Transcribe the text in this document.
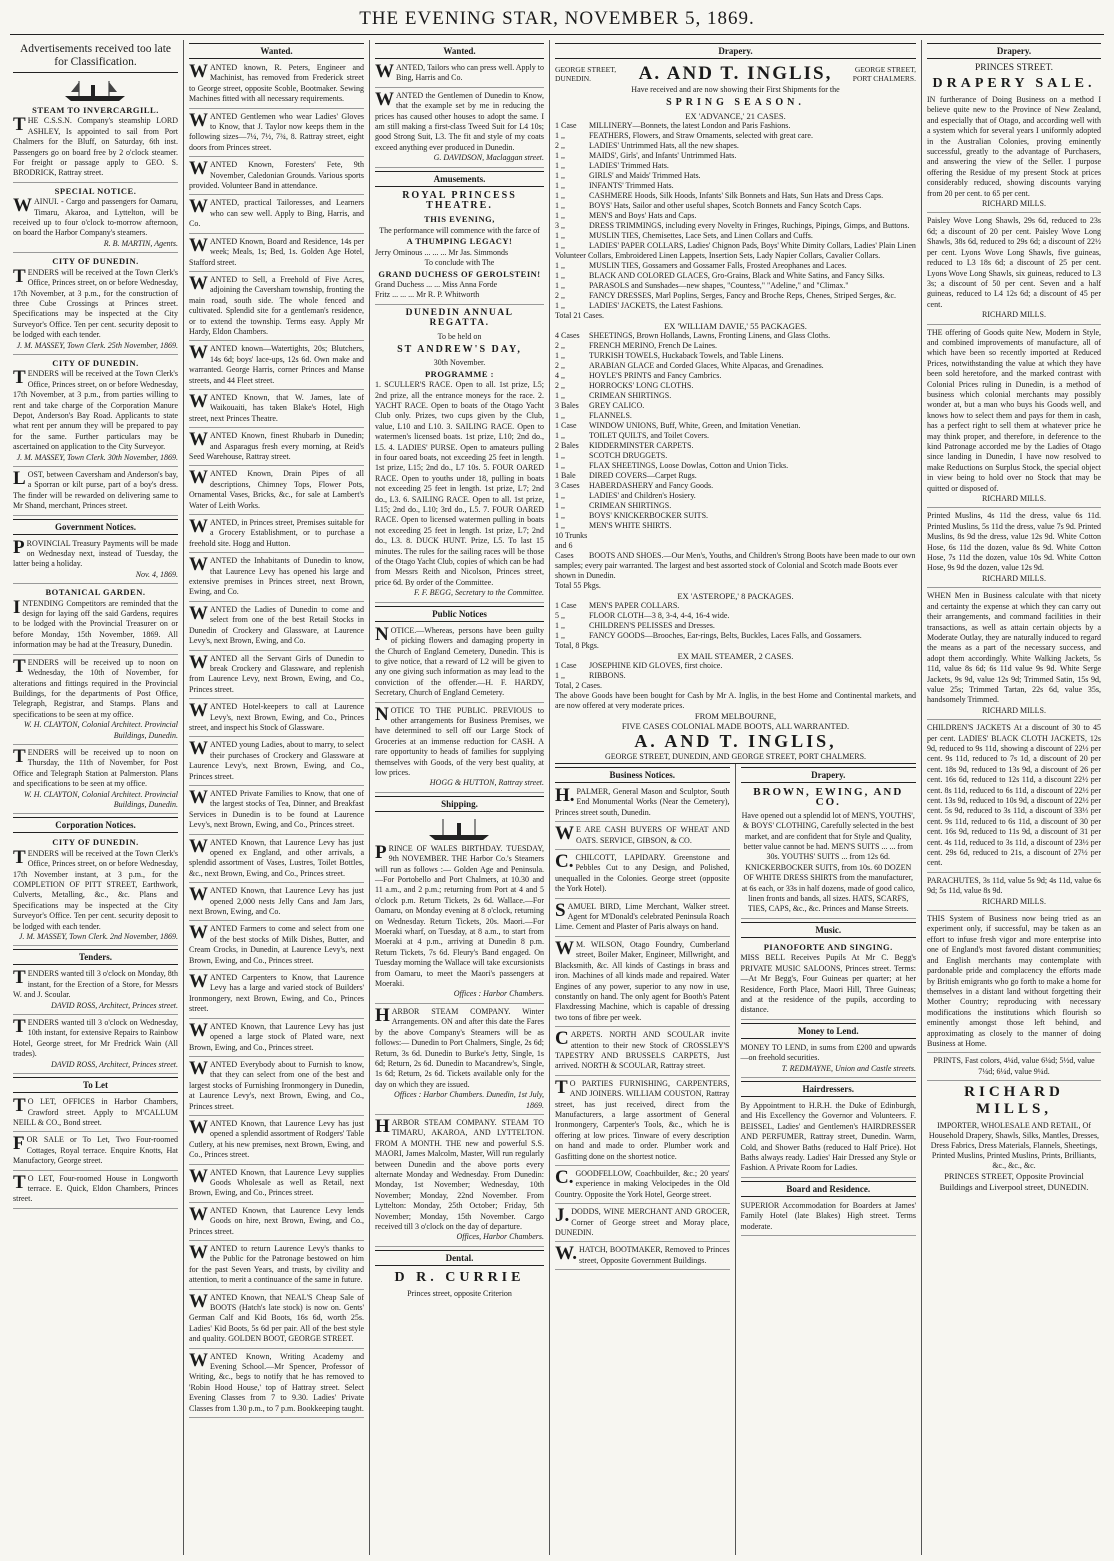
THE EVENING STAR, NOVEMBER 5, 1869.
Advertisements received too late for Classification.
STEAM TO INVERCARGILL.
THE C.S.S.N. Company's steamship LORD ASHLEY, Is appointed to sail from Port Chalmers for the Bluff, on Saturday, 6th inst. Passengers go on board free by 2 o'clock steamer. For freight or passage apply to GEO. S. BRODRICK, Rattray street.
SPECIAL NOTICE.
WAINUI. - Cargo and passengers for Oamaru, Timaru, Akaroa, and Lyttelton, will be received up to four o'clock to-morrow afternoon, on board the Harbor Company's steamers.
R. B. MARTIN, Agents.
CITY OF DUNEDIN.
TENDERS will be received at the Town Clerk's Office, Princes street, on or before Wednesday, 17th November, at 3 p.m., for the construction of three Cube Crossings at Princes street. Specifications may be inspected at the City Surveyor's Office. Ten per cent. security deposit to be lodged with each tender.
J. M. MASSEY, Town Clerk. 25th November, 1869.
CITY OF DUNEDIN.
TENDERS will be received at the Town Clerk's Office, Princes street, on or before Wednesday, 17th November, at 3 p.m., from parties willing to rent and take charge of the Corporation Manure Depot, Anderson's Bay Road. Applicants to state what rent per annum they will be prepared to pay for the same. Further particulars may be ascertained on application to the City Surveyor.
J. M. MASSEY, Town Clerk. 30th November, 1869.
LOST, between Caversham and Anderson's bay, a Sporran or kilt purse, part of a boy's dress. The finder will be rewarded on delivering same to Mr Shand, merchant, Princes street.
Government Notices.
PROVINCIAL Treasury Payments will be made on Wednesday next, instead of Tuesday, the latter being a holiday.
Nov. 4, 1869.
BOTANICAL GARDEN.
INTENDING Competitors are reminded that the design for laying off the said Gardens, requires to be lodged with the Provincial Treasurer on or before Monday, 15th November, 1869. All information may be had at the Treasury, Dunedin.
TENDERS will be received up to noon on Wednesday, the 10th of November, for alterations and fittings required in the Provincial Buildings, for the departments of Post Office, Telegraph, Registrar, and Stamps. Plans and specifications to be seen at my office.
W. H. CLAYTON, Colonial Architect. Provincial Buildings, Dunedin.
TENDERS will be received up to noon on Thursday, the 11th of November, for Post Office and Telegraph Station at Palmerston. Plans and specifications to be seen at my office.
W. H. CLAYTON, Colonial Architect. Provincial Buildings, Dunedin.
Corporation Notices.
CITY OF DUNEDIN.
TENDERS will be received at the Town Clerk's Office, Princes street, on or before Wednesday, 17th November instant, at 3 p.m., for the COMPLETION OF PITT STREET, Earthwork, Culverts, Metalling, &c., &c. Plans and Specifications may be inspected at the City Surveyor's Office. Ten per cent. security deposit to be lodged with each tender.
J. M. MASSEY, Town Clerk. 2nd November, 1869.
Tenders.
TENDERS wanted till 3 o'clock on Monday, 8th instant, for the Erection of a Store, for Messrs W. and J. Scoular.
DAVID ROSS, Architect, Princes street.
TENDERS wanted till 3 o'clock on Wednesday, 10th instant, for extensive Repairs to Rainbow Hotel, George street, for Mr Fredrick Wain (All trades).
DAVID ROSS, Architect, Princes street.
To Let
TO LET, OFFICES in Harbor Chambers, Crawford street. Apply to M'CALLUM NEILL & CO., Bond street.
FOR SALE or To Let, Two Four-roomed Cottages, Royal terrace. Enquire Knotts, Hat Manufactory, George street.
TO LET, Four-roomed House in Longworth terrace. E. Quick, Eldon Chambers, Princes street.
Wanted.
WANTED known, R. Peters, Engineer and Machinist, has removed from Frederick street to George street, opposite Scoble, Bootmaker. Sewing Machines fitted with all necessary requirements.
WANTED Gentlemen who wear Ladies' Gloves to Know, that J. Taylor now keeps them in the following sizes—7¼, 7½, 7¾, 8. Rattray street, eight doors from Princes street.
WANTED Known, Foresters' Fete, 9th November, Caledonian Grounds. Various sports provided. Volunteer Band in attendance.
WANTED, practical Tailoresses, and Learners who can sew well. Apply to Bing, Harris, and Co.
WANTED Known, Board and Residence, 14s per week; Meals, 1s; Bed, 1s. Golden Age Hotel, Stafford street.
WANTED to Sell, a Freehold of Five Acres, adjoining the Caversham township, fronting the main road, south side. The whole fenced and cultivated. Splendid site for a gentleman's residence, or to extend the township. Terms easy. Apply Mr Hardy, Eldon Chambers.
WANTED known—Watertights, 20s; Blutchers, 14s 6d; boys' lace-ups, 12s 6d. Own make and warranted. George Harris, corner Princes and Manse streets, and 44 Fleet street.
WANTED Known, that W. James, late of Waikouaiti, has taken Blake's Hotel, High street, next Princes Theatre.
WANTED Known, finest Rhubarb in Dunedin; and Asparagus fresh every morning, at Reid's Seed Warehouse, Rattray street.
WANTED Known, Drain Pipes of all descriptions, Chimney Tops, Flower Pots, Ornamental Vases, Bricks, &c., for sale at Lambert's Water of Leith Works.
WANTED, in Princes street, Premises suitable for a Grocery Establishment, or to purchase a freehold site. Hogg and Hutton.
WANTED the Inhabitants of Dunedin to know, that Laurence Levy has opened his large and extensive premises in Princes street, next Brown, Ewing, and Co.
WANTED the Ladies of Dunedin to come and select from one of the best Retail Stocks in Dunedin of Crockery and Glassware, at Laurence Levy's, next Brown, Ewing, and Co.
WANTED all the Servant Girls of Dunedin to break Crockery and Glassware, and replenish from Laurence Levy, next Brown, Ewing, and Co., Princes street.
WANTED Hotel-keepers to call at Laurence Levy's, next Brown, Ewing, and Co., Princes street, and inspect his Stock of Glassware.
WANTED young Ladies, about to marry, to select their purchases of Crockery and Glassware at Laurence Levy's, next Brown, Ewing, and Co., Princes street.
WANTED Private Families to Know, that one of the largest stocks of Tea, Dinner, and Breakfast Services in Dunedin is to be found at Laurence Levy's, next Brown, Ewing, and Co., Princes street.
WANTED Known, that Laurence Levy has just opened ex England, and other arrivals, a splendid assortment of Vases, Lustres, Toilet Bottles, &c., next Brown, Ewing, and Co., Princes street.
WANTED Known, that Laurence Levy has just opened 2,000 nests Jelly Cans and Jam Jars, next Brown, Ewing, and Co.
WANTED Farmers to come and select from one of the best stocks of Milk Dishes, Butter, and Cream Crocks, in Dunedin, at Laurence Levy's, next Brown, Ewing, and Co., Princes street.
WANTED Carpenters to Know, that Laurence Levy has a large and varied stock of Builders' Ironmongery, next Brown, Ewing, and Co., Princes street.
WANTED Known, that Laurence Levy has just opened a large stock of Plated ware, next Brown, Ewing, and Co., Princes street.
WANTED Everybody about to Furnish to know, that they can select from one of the best and largest stocks of Furnishing Ironmongery in Dunedin, at Laurence Levy's, next Brown, Ewing, and Co., Princes street.
WANTED Known, that Laurence Levy has just opened a splendid assortment of Rodgers' Table Cutlery, at his new premises, next Brown, Ewing, and Co., Princes street.
WANTED Known, that Laurence Levy supplies Goods Wholesale as well as Retail, next Brown, Ewing, and Co., Princes street.
WANTED Known, that Laurence Levy lends Goods on hire, next Brown, Ewing, and Co., Princes street.
WANTED to return Laurence Levy's thanks to the Public for the Patronage bestowed on him for the past Seven Years, and trusts, by civility and attention, to merit a continuance of the same in future.
WANTED Known, that NEAL'S Cheap Sale of BOOTS (Hatch's late stock) is now on. Gents' German Calf and Kid Boots, 16s 6d, worth 25s. Ladies' Kid Boots, 5s 6d per pair. All of the best style and quality. GOLDEN BOOT, GEORGE STREET.
WANTED Known, Writing Academy and Evening School.—Mr Spencer, Professor of Writing, &c., begs to notify that he has removed to 'Robin Hood House,' top of Hattray street. Select Evening Classes from 7 to 9.30. Ladies' Private Classes from 1.30 p.m., to 7 p.m. Bookkeeping taught.
Wanted.
WANTED, Tailors who can press well. Apply to Bing, Harris and Co.
WANTED the Gentlemen of Dunedin to Know, that the example set by me in reducing the prices has caused other houses to adopt the same. I am still making a first-class Tweed Suit for L4 10s; good Strong Suit, L3. The fit and style of my coats exceed anything ever produced in Dunedin.
G. DAVIDSON, Maclaggan street.
Amusements.
ROYAL PRINCESS THEATRE.
THIS EVENING,
The performance will commence with the farce of
A THUMPING LEGACY!
Jerry Ominous ... ... ... Mr Jas. Simmonds
To conclude with The
GRAND DUCHESS OF GEROLSTEIN!
Grand Duchess ... ... Miss Anna Forde
Fritz ... ... ... Mr R. P. Whitworth
DUNEDIN ANNUAL REGATTA.
To be held on
ST ANDREW'S DAY,
30th November.
PROGRAMME :
1. SCULLER'S RACE. Open to all. 1st prize, L5; 2nd prize, all the entrance moneys for the race. 2. YACHT RACE. Open to boats of the Otago Yacht Club only. Prizes, two cups given by the Club, value, L10 and L10. 3. SAILING RACE. Open to watermen's licensed boats. 1st prize, L10; 2nd do., L5. 4. LADIES' PURSE. Open to amateurs pulling in four oared boats, not exceeding 25 feet in length. 1st prize, L15; 2nd do., L7 10s. 5. FOUR OARED RACE. Open to youths under 18, pulling in boats not exceeding 25 feet in length. 1st prize, L7; 2nd do., L3. 6. SAILING RACE. Open to all. 1st prize, L15; 2nd do., L10; 3rd do., L5. 7. FOUR OARED RACE. Open to licensed watermen pulling in boats not exceeding 25 feet in length. 1st prize, L7; 2nd do., L3. 8. DUCK HUNT. Prize, L5. To last 15 minutes. The rules for the sailing races will be those of the Otago Yacht Club, copies of which can be had from Messrs Reith and Nicolson, Princes street, price 6d. By order of the Committee.
F. F. BEGG, Secretary to the Committee.
Public Notices
NOTICE.—Whereas, persons have been guilty of picking flowers and damaging property in the Church of England Cemetery, Dunedin. This is to give notice, that a reward of L2 will be given to any one giving such information as may lead to the conviction of the offender.—H. F. HARDY, Secretary, Church of England Cemetery.
NOTICE TO THE PUBLIC. PREVIOUS to other arrangements for Business Premises, we have determined to sell off our Large Stock of Groceries at an immense reduction for CASH. A rare opportunity to heads of families for supplying themselves with Goods, of the very best quality, at low prices.
HOGG & HUTTON, Rattray street.
Shipping.
PRINCE OF WALES BIRTHDAY. TUESDAY, 9th NOVEMBER. THE Harbor Co.'s Steamers will run as follows :— Golden Age and Peninsula.—For Portobello and Port Chalmers, at 10.30 and 11 a.m., and 2 p.m.; returning from Port at 4 and 5 o'clock p.m. Return Tickets, 2s 6d. Wallace.—For Oamaru, on Monday evening at 8 o'clock, returning on Wednesday. Return Tickets, 20s. Maori.—For Moeraki wharf, on Tuesday, at 8 a.m., to start from Moeraki at 4 p.m., arriving at Dunedin 8 p.m. Return Tickets, 7s 6d. Fleury's Band engaged. On Tuesday morning the Wallace will take excursionists from Oamaru, to meet the Maori's passengers at Moeraki.
Offices : Harbor Chambers.
HARBOR STEAM COMPANY. Winter Arrangements. ON and after this date the Fares by the above Company's Steamers will be as follows:— Dunedin to Port Chalmers, Single, 2s 6d; Return, 3s 6d. Dunedin to Burke's Jetty, Single, 1s 6d; Return, 2s 6d. Dunedin to Macandrew's, Single, 1s 6d; Return, 2s 6d. Tickets available only for the day on which they are issued.
Offices : Harbor Chambers. Dunedin, 1st July, 1869.
HARBOR STEAM COMPANY. STEAM TO TIMARU, AKAROA, AND LYTTELTON. FROM A MONTH. THE new and powerful S.S. MAORI, James Malcolm, Master, Will run regularly between Dunedin and the above ports every alternate Monday and Wednesday. From Dunedin: Monday, 1st November; Wednesday, 10th November; Monday, 22nd November. From Lyttelton: Monday, 25th October; Friday, 5th November; Monday, 15th November. Cargo received till 3 o'clock on the day of departure.
Offices, Harbor Chambers.
Dental.
D R. CURRIE
Princes street, opposite Criterion
Drapery.
GEORGE STREET, DUNEDIN.	A. AND T. INGLIS,	GEORGE STREET, PORT CHALMERS.
Have received and are now showing their First Shipments for the
SPRING SEASON.
EX 'ADVANCE,' 21 CASES.
1 Case MILLINERY—Bonnets, the latest London and Paris Fashions.
1 ,,	FEATHERS, Flowers, and Straw Ornaments, selected with great care.
2 ,,	LADIES' Untrimmed Hats, all the new shapes.
1 ,,	MAIDS', Girls', and Infants' Untrimmed Hats.
1 ,,	LADIES' Trimmed Hats.
1 ,,	GIRLS' and Maids' Trimmed Hats.
1 ,,	INFANTS' Trimmed Hats.
1 ,,	CASHMERE Hoods, Silk Hoods, Infants' Silk Bonnets and Hats, Sun Hats and Dress Caps.
1 ,,	BOYS' Hats, Sailor and other useful shapes, Scotch Bonnets and Fancy Scotch Caps.
1 ,,	MEN'S and Boys' Hats and Caps.
3 ,,	DRESS TRIMMINGS, including every Novelty in Fringes, Ruchings, Pipings, Gimps, and Buttons.
1 ,,	MUSLIN TIES, Chemisettes, Lace Sets, and Linen Collars and Cuffs.
1 ,,	LADIES' PAPER COLLARS, Ladies' Chignon Pads, Boys' White Dimity Collars, Ladies' Plain Linen Volunteer Collars, Embroidered Linen Lappets, Insertion Sets, Lady Napier Collars, Cavalier Collars.
1 ,,	MUSLIN TIES, Gossamers and Gossamer Falls, Frosted Areophanes and Laces.
1 ,,	BLACK AND COLORED GLACES, Gro-Grains, Black and White Satins, and Fancy Silks.
1 ,,	PARASOLS and Sunshades—new shapes, "Countess," "Adeline," and "Climax."
2 ,,	FANCY DRESSES, Marl Poplins, Serges, Fancy and Broche Reps, Chenes, Striped Serges, &c.
1 ,,	LADIES' JACKETS, the Latest Fashions.
Total 21 Cases.
EX 'WILLIAM DAVIE,' 55 PACKAGES.
4 Cases SHEETINGS, Brown Hollands, Lawns, Fronting Linens, and Glass Cloths.
2 ,,	FRENCH MERINO, French De Laines.
1 ,,	TURKISH TOWELS, Huckaback Towels, and Table Linens.
2 ,,	ARABIAN GLACE and Corded Glaces, White Alpacas, and Grenadines.
4 ,,	HOYLE'S PRINTS and Fancy Cambrics.
2 ,,	HORROCKS' LONG CLOTHS.
1 ,,	CRIMEAN SHIRTINGS.
3 Bales GREY CALICO.
1 ,,	FLANNELS.
1 Case WINDOW UNIONS, Buff, White, Green, and Imitation Venetian.
1 ,,	TOILET QUILTS, and Toilet Covers.
2 Bales KIDDERMINSTER CARPETS.
1 ,,	SCOTCH DRUGGETS.
1 ,,	FLAX SHEETINGS, Loose Dowlas, Cotton and Union Ticks.
1 Bale DIRED COVERS—Carpet Rugs.
3 Cases HABERDASHERY and Fancy Goods.
1 ,,	LADIES' and Children's Hosiery.
1 ,,	CRIMEAN SHIRTINGS.
1 ,,	BOYS' KNICKERBOCKER SUITS.
1 ,,	MEN'S WHITE SHIRTS.
10 Trunks and 6 Cases BOOTS AND SHOES.—Our Men's, Youths, and Children's Strong Boots have been made to our own samples; every pair warranted. The largest and best assorted stock of Colonial and Scotch made Boots ever shown in Dunedin.
Total 55 Pkgs.
EX 'ASTEROPE,' 8 PACKAGES.
1 Case MEN'S PAPER COLLARS.
5 ,,	FLOOR CLOTH—3 8, 3-4, 4-4, 16-4 wide.
1 ,,	CHILDREN'S PELISSES and Dresses.
1 ,,	FANCY GOODS—Brooches, Ear-rings, Belts, Buckles, Laces Falls, and Gossamers.
Total, 8 Pkgs.
EX MAIL STEAMER, 2 CASES.
1 Case JOSEPHINE KID GLOVES, first choice.
1 ,,	RIBBONS.
Total, 2 Cases.
The above Goods have been bought for Cash by Mr A. Inglis, in the best Home and Continental markets, and are now offered at very moderate prices.
FROM MELBOURNE,
FIVE CASES COLONIAL MADE BOOTS, ALL WARRANTED.
A. AND T. INGLIS,
GEORGE STREET, DUNEDIN, AND GEORGE STREET, PORT CHALMERS.
Business Notices.
H.PALMER, General Mason and Sculptor, South End Monumental Works (Near the Cemetery), Princes street south, Dunedin.
WE ARE CASH BUYERS OF WHEAT AND OATS. SERVICE, GIBSON, & CO.
C.CHILCOTT, LAPIDARY. Greenstone and Pebbles Cut to any Design, and Polished, unequalled in the Colonies. George street (opposite the York Hotel).
SAMUEL BIRD, Lime Merchant, Walker street. Agent for M'Donald's celebrated Peninsula Roach Lime. Cement and Plaster of Paris always on hand.
WM. WILSON, Otago Foundry, Cumberland street, Boiler Maker, Engineer, Millwright, and Blacksmith, &c. All kinds of Castings in brass and iron. Machines of all kinds made and repaired. Water Engines of any power, superior to any now in use, constantly on hand. The only agent for Booth's Patent Flaxdressing Machine, which is capable of dressing two tons of fibre per week.
CARPETS. NORTH AND SCOULAR invite attention to their new Stock of CROSSLEY'S TAPESTRY AND BRUSSELS CARPETS, Just arrived. NORTH & SCOULAR, Rattray street.
TO PARTIES FURNISHING, CARPENTERS, AND JOINERS. WILLIAM COUSTON, Rattray street, has just received, direct from the Manufacturers, a large assortment of General Ironmongery, Carpenter's Tools, &c., which he is offering at low prices. Tinware of every description on hand and made to order. Plumber work and Gasfitting done on the shortest notice.
C.GOODFELLOW, Coachbuilder, &c.; 20 years' experience in making Velocipedes in the Old Country. Opposite the York Hotel, George street.
J.DODDS, WINE MERCHANT AND GROCER, Corner of George street and Moray place, DUNEDIN.
W.HATCH, BOOTMAKER, Removed to Princes street, Opposite Government Buildings.
Drapery.
BROWN, EWING, AND CO.
Have opened out a splendid lot of MEN'S, YOUTHS', & BOYS' CLOTHING, Carefully selected in the best market, and are confident that for Style and Quality, better value cannot be had. MEN'S SUITS ... ... from 30s. YOUTHS' SUITS ... from 12s 6d. KNICKERBOCKER SUITS, from 10s. 60 DOZEN OF WHITE DRESS SHIRTS from the manufacturer, at 6s each, or 33s in half dozens, made of good calico, linen fronts and bands, all sizes. HATS, SCARFS, TIES, CAPS, &c., &c. Princes and Manse Streets.
Music.
PIANOFORTE AND SINGING.
MISS BELL Receives Pupils At Mr C. Begg's PRIVATE MUSIC SALOONS, Princes street. Terms:—At Mr Begg's, Four Guineas per quarter; at her Residence, Forth Place, Maori Hill, Three Guineas; and at the residence of the pupils, according to distance.
Money to Lend.
MONEY TO LEND, in sums from £200 and upwards—on freehold securities.
T. REDMAYNE, Union and Castle streets.
Hairdressers.
By Appointment to H.R.H. the Duke of Edinburgh, and His Excellency the Governor and Volunteers. F. BEISSEL, Ladies' and Gentlemen's HAIRDRESSER AND PERFUMER, Rattray street, Dunedin. Warm, Cold, and Shower Baths (reduced to Half Price). Hot Baths always ready. Ladies' Hair Dressed any Style or Fashion. A Private Room for Ladies.
Board and Residence.
SUPERIOR Accommodation for Boarders at James' Family Hotel (late Blakes) High street. Terms moderate.
Drapery.
PRINCES STREET.
DRAPERY SALE.
IN furtherance of Doing Business on a method I believe quite new to the Province of New Zealand, and especially that of Otago, and according well with a system which for several years I uniformly adopted in the Australian Colonies, proving eminently successful, greatly to the advantage of Purchasers, and answering the view of the Seller. I purpose offering the Residue of my present Stock at prices considerably reduced, showing discounts varying from 20 per cent. to 65 per cent.
RICHARD MILLS.
Paisley Wove Long Shawls, 29s 6d, reduced to 23s 6d; a discount of 20 per cent. Paisley Wove Long Shawls, 38s 6d, reduced to 29s 6d; a discount of 22½ per cent. Lyons Wove Long Shawls, five guineas, reduced to L3 18s 6d; a discount of 25 per cent. Lyons Wove Long Shawls, six guineas, reduced to L3 3s; a discount of 50 per cent. Seven and a half guineas, reduced to L4 12s 6d; a discount of 45 per cent.
RICHARD MILLS.
THE offering of Goods quite New, Modern in Style, and combined improvements of manufacture, all of which have been so recently imported at Reduced Prices, notwithstanding the value at which they have been sold heretofore, and the marked contrast with Colonial Prices ruling in Dunedin, is a method of business which colonial merchants may possibly wonder at, but a man who buys his Goods well, and knows how to select them and pays for them in cash, has a perfect right to sell them at whatever price he may think proper, and therefore, in deference to the kind Patronage accorded me by the Ladies of Otago since landing in Dunedin, I have now resolved to make Reductions on Surplus Stock, the special object in view being to hold over no Stock that may be quitted or disposed of.
RICHARD MILLS.
Printed Muslins, 4s 11d the dress, value 6s 11d. Printed Muslins, 5s 11d the dress, value 7s 9d. Printed Muslins, 8s 9d the dress, value 12s 9d. White Cotton Hose, 6s 11d the dozen, value 8s 9d. White Cotton Hose, 7s 11d the dozen, value 10s 9d. White Cotton Hose, 9s 9d the dozen, value 12s 9d.
RICHARD MILLS.
WHEN Men in Business calculate with that nicety and certainty the expense at which they can carry out their arrangements, and command facilities in their transactions, as well as attain certain objects by a Moderate Outlay, they are naturally induced to regard the means as a part of the necessary success, and adopt them accordingly. White Walking Jackets, 5s 11d, value 8s 6d; 6s 11d value 9s 9d. White Serge Jackets, 9s 9d, value 12s 9d; Trimmed Satin, 15s 9d, value 25s; Trimmed Tartan, 22s 6d, value 35s, handsomely Trimmed.
RICHARD MILLS.
CHILDREN'S JACKETS At a discount of 30 to 45 per cent. LADIES' BLACK CLOTH JACKETS, 12s 9d, reduced to 9s 11d, showing a discount of 22½ per cent. 9s 11d, reduced to 7s 1d, a discount of 20 per cent. 18s 9d, reduced to 13s 9d, a discount of 26 per cent. 16s 6d, reduced to 12s 11d, a discount 22½ per cent. 8s 11d, reduced to 6s 11d, a discount of 22½ per cent. 13s 9d, reduced to 10s 9d, a discount of 22½ per cent. 5s 9d, reduced to 3s 11d, a discount of 33⅓ per cent. 9s 11d, reduced to 6s 11d, a discount of 30 per cent. 16s 9d, reduced to 11s 9d, a discount of 31 per cent. 4s 11d, reduced to 3s 11d, a discount of 23½ per cent. 29s 6d, reduced to 21s, a discount of 27½ per cent.
PARACHUTES, 3s 11d, value 5s 9d; 4s 11d, value 6s 9d; 5s 11d, value 8s 9d.
RICHARD MILLS.
THIS System of Business now being tried as an experiment only, if successful, may be taken as an effort to infuse fresh vigor and more enterprise into one of England's most favored distant communities; and English merchants may contemplate with pardonable pride and complacency the efforts made by British emigrants who go forth to make a home for themselves in a distant land without forgetting their Mother Country; reproducing with necessary modifications the institutions which flourish so eminently amongst those left behind, and approximating as closely to the manner of doing Business at Home.
PRINTS, Fast colors, 4¼d, value 6¼d; 5½d, value 7¼d; 6¼d, value 9¼d.
RICHARD MILLS,
IMPORTER, WHOLESALE AND RETAIL, Of Household Drapery, Shawls, Silks, Mantles, Dresses, Dress Fabrics, Dress Materials, Flannels, Sheetings, Printed Muslins, Printed Muslins, Prints, Brilliants, &c., &c., &c.
PRINCES STREET, Opposite Provincial Buildings and Liverpool street, DUNEDIN.
